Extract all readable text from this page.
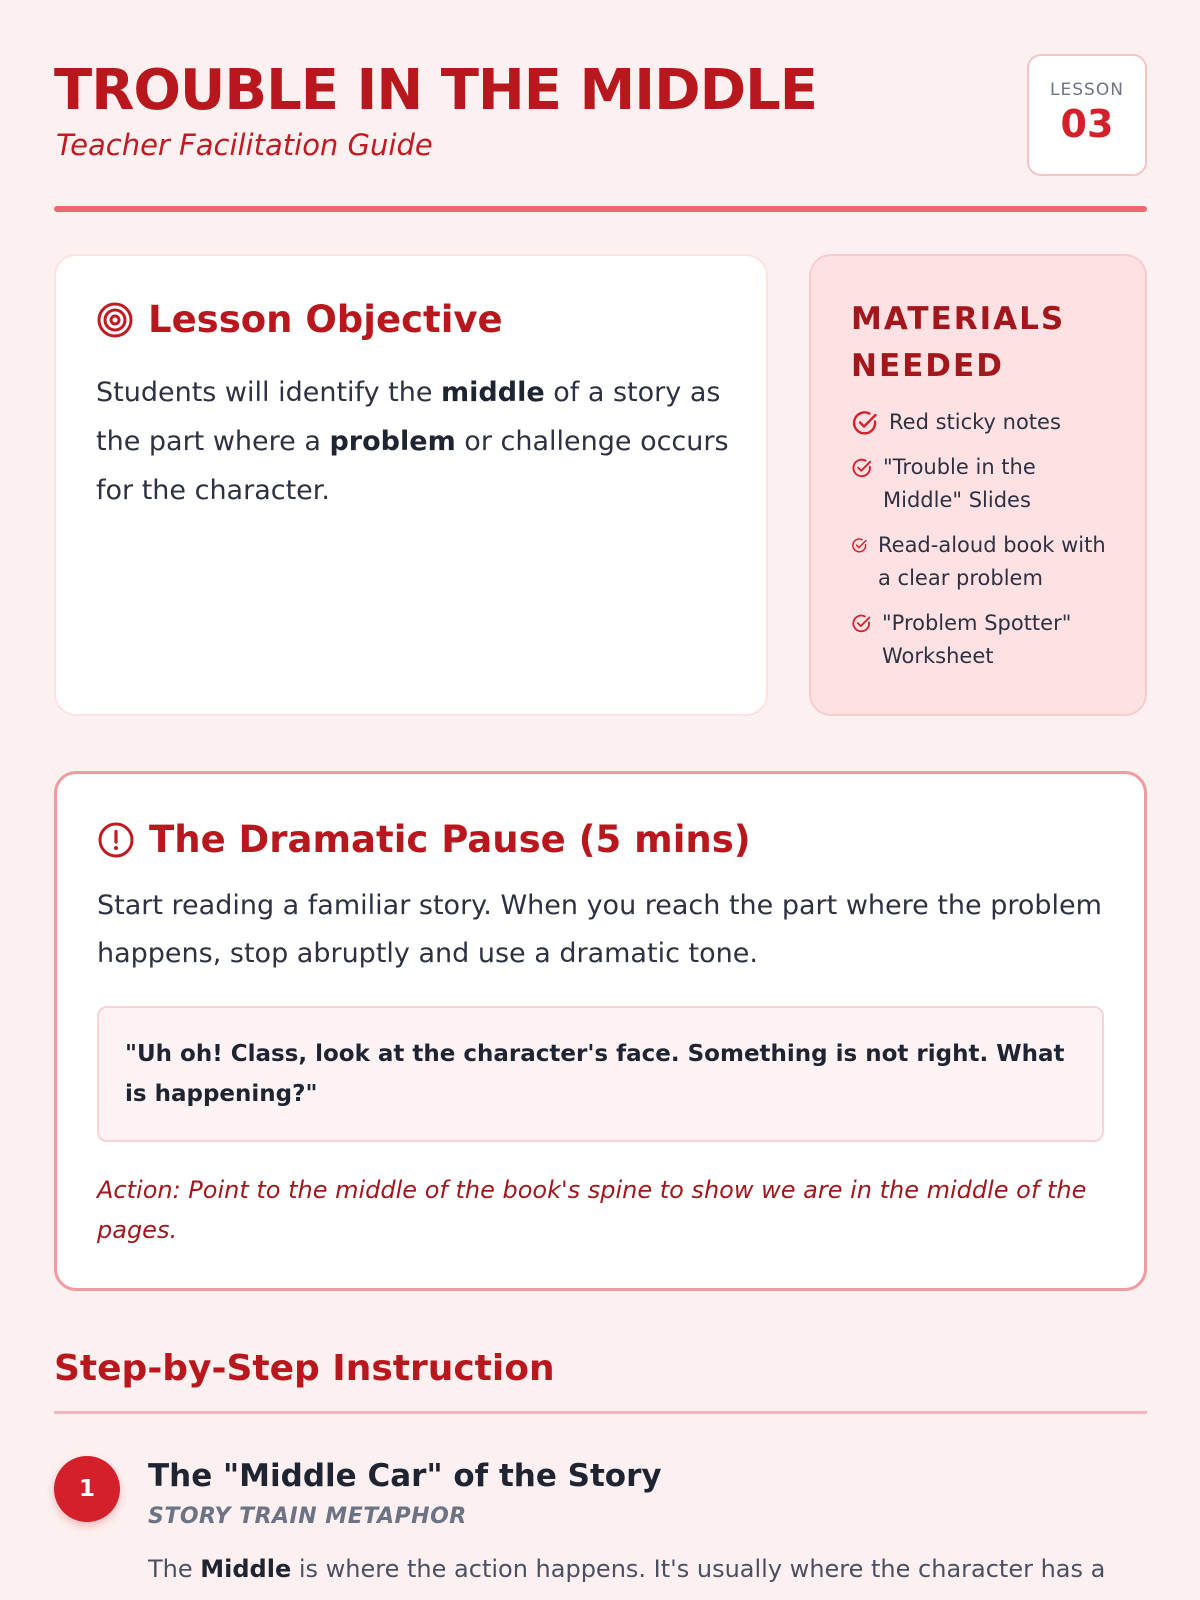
TROUBLE IN THE MIDDLE

Teacher Facilitation Guide

LESSON
03
Lesson Objective

Students will identify the middle of a story as the part where a problem or challenge occurs for the character.

MATERIALS NEEDED
Red sticky notes
"Trouble in the Middle" Slides
Read-aloud book with a clear problem
"Problem Spotter" Worksheet
The Dramatic Pause (5 mins)

Start reading a familiar story. When you reach the part where the problem happens, stop abruptly and use a dramatic tone.

"Uh oh! Class, look at the character's face. Something is not right. What is happening?"

Action: Point to the middle of the book's spine to show we are in the middle of the pages.

Step-by-Step Instruction
1	The "Middle Car" of the Story

STORY TRAIN METAPHOR

The Middle is where the action happens. It's usually where the character has a
